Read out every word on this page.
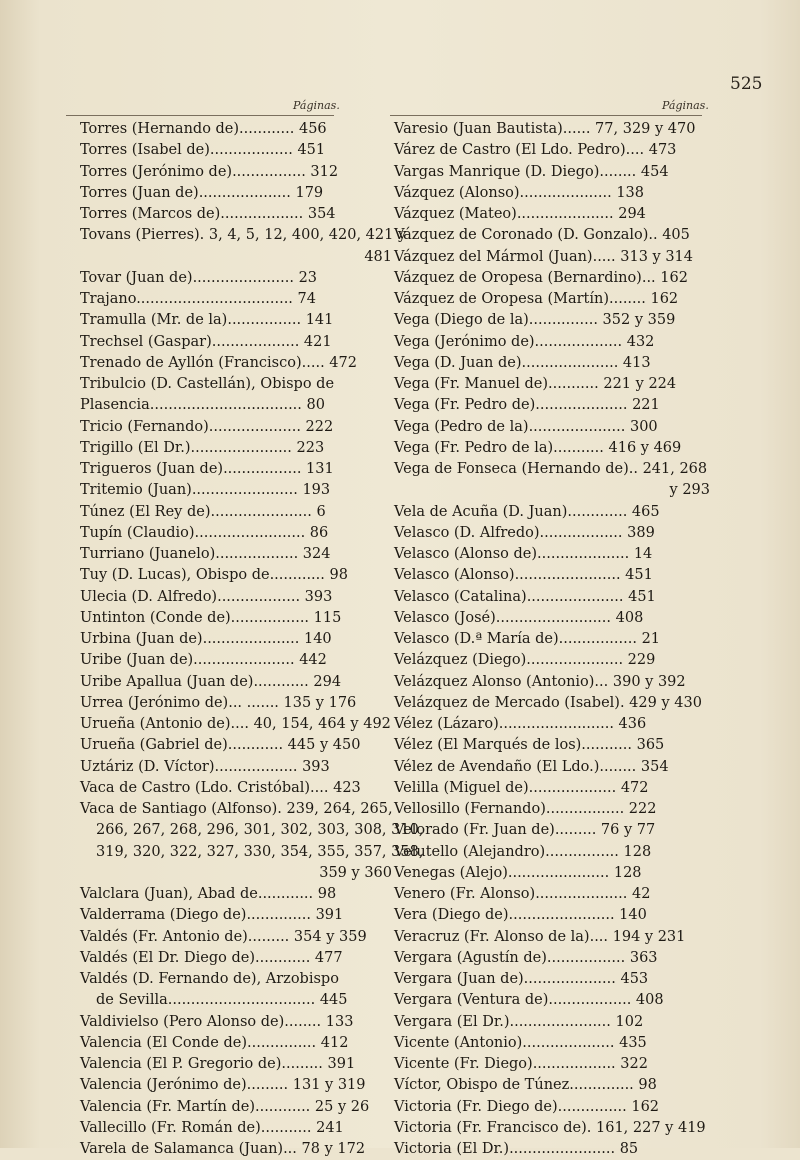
525
Páginas.	Páginas.
Torres (Hernando de)............ 456
Torres (Isabel de).................. 451
Torres (Jerónimo de)................ 312
Torres (Juan de).................... 179
Torres (Marcos de).................. 354
Tovans (Pierres). 3, 4, 5, 12, 400, 420, 421 y
481
Tovar (Juan de)...................... 23
Trajano.................................. 74
Tramulla (Mr. de la)................ 141
Trechsel (Gaspar)................... 421
Trenado de Ayllón (Francisco)..... 472
Tribulcio (D. Castellán), Obispo de
Plasencia................................. 80
Tricio (Fernando).................... 222
Trigillo (El Dr.)...................... 223
Trigueros (Juan de)................. 131
Tritemio (Juan)....................... 193
Túnez (El Rey de)...................... 6
Tupín (Claudio)........................ 86
Turriano (Juanelo).................. 324
Tuy (D. Lucas), Obispo de............ 98
Ulecia (D. Alfredo).................. 393
Untinton (Conde de)................. 115
Urbina (Juan de)..................... 140
Uribe (Juan de)...................... 442
Uribe Apallua (Juan de)............ 294
Urrea (Jerónimo de)... ....... 135 y 176
Urueña (Antonio de).... 40, 154, 464 y 492
Urueña (Gabriel de)............ 445 y 450
Uztáriz (D. Víctor).................. 393
Vaca de Castro (Ldo. Cristóbal).... 423
Vaca de Santiago (Alfonso). 239, 264, 265,
266, 267, 268, 296, 301, 302, 303, 308, 310,
319, 320, 322, 327, 330, 354, 355, 357, 358,
359 y 360
Valclara (Juan), Abad de............ 98
Valderrama (Diego de).............. 391
Valdés (Fr. Antonio de)......... 354 y 359
Valdés (El Dr. Diego de)............ 477
Valdés (D. Fernando de), Arzobispo
de Sevilla................................ 445
Valdivielso (Pero Alonso de)........ 133
Valencia (El Conde de)............... 412
Valencia (El P. Gregorio de)......... 391
Valencia (Jerónimo de)......... 131 y 319
Valencia (Fr. Martín de)............ 25 y 26
Vallecillo (Fr. Román de)........... 241
Varela de Salamanca (Juan)... 78 y 172
Varesio (Juan Bautista)...... 77, 329 y 470
Várez de Castro (El Ldo. Pedro).... 473
Vargas Manrique (D. Diego)........ 454
Vázquez (Alonso).................... 138
Vázquez (Mateo)..................... 294
Vázquez de Coronado (D. Gonzalo).. 405
Vázquez del Mármol (Juan)..... 313 y 314
Vázquez de Oropesa (Bernardino)... 162
Vázquez de Oropesa (Martín)........ 162
Vega (Diego de la)............... 352 y 359
Vega (Jerónimo de)................... 432
Vega (D. Juan de)..................... 413
Vega (Fr. Manuel de)........... 221 y 224
Vega (Fr. Pedro de).................... 221
Vega (Pedro de la)..................... 300
Vega (Fr. Pedro de la)........... 416 y 469
Vega de Fonseca (Hernando de).. 241, 268
y 293
Vela de Acuña (D. Juan)............. 465
Velasco (D. Alfredo).................. 389
Velasco (Alonso de).................... 14
Velasco (Alonso)....................... 451
Velasco (Catalina)..................... 451
Velasco (José)......................... 408
Velasco (D.ª María de)................. 21
Velázquez (Diego)..................... 229
Velázquez Alonso (Antonio)... 390 y 392
Velázquez de Mercado (Isabel). 429 y 430
Vélez (Lázaro)......................... 436
Vélez (El Marqués de los)........... 365
Vélez de Avendaño (El Ldo.)........ 354
Velilla (Miguel de)................... 472
Vellosillo (Fernando)................. 222
Velorado (Fr. Juan de)......... 76 y 77
Velutello (Alejandro)................ 128
Venegas (Alejo)...................... 128
Venero (Fr. Alonso).................... 42
Vera (Diego de)....................... 140
Veracruz (Fr. Alonso de la).... 194 y 231
Vergara (Agustín de)................. 363
Vergara (Juan de).................... 453
Vergara (Ventura de).................. 408
Vergara (El Dr.)...................... 102
Vicente (Antonio).................... 435
Vicente (Fr. Diego).................. 322
Víctor, Obispo de Túnez.............. 98
Victoria (Fr. Diego de)............... 162
Victoria (Fr. Francisco de). 161, 227 y 419
Victoria (El Dr.)....................... 85
